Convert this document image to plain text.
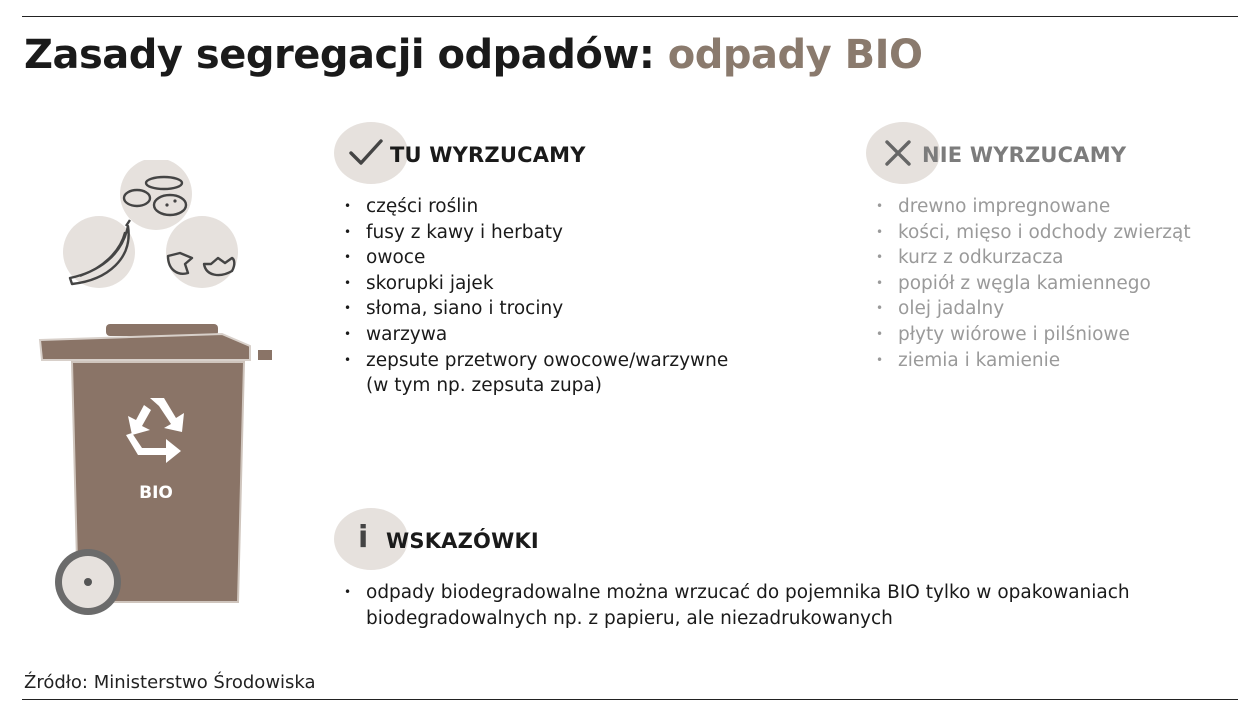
Zasady segregacji odpadów: odpady BIO
BIO
TU WYRZUCAMY
• części roślin
• fusy z kawy i herbaty
• owoce
• skorupki jajek
• słoma, siano i trociny
• warzywa
• zepsute przetwory owocowe/warzywne
(w tym np. zepsuta zupa)
NIE WYRZUCAMY
• drewno impregnowane
• kości, mięso i odchody zwierząt
• kurz z odkurzacza
• popiół z węgla kamiennego
• olej jadalny
• płyty wiórowe i pilśniowe
• ziemia i kamienie
i WSKAZÓWKI
• odpady biodegradowalne można wrzucać do pojemnika BIO tylko w opakowaniach
biodegradowalnych np. z papieru, ale niezadrukowanych
Źródło: Ministerstwo Środowiska
